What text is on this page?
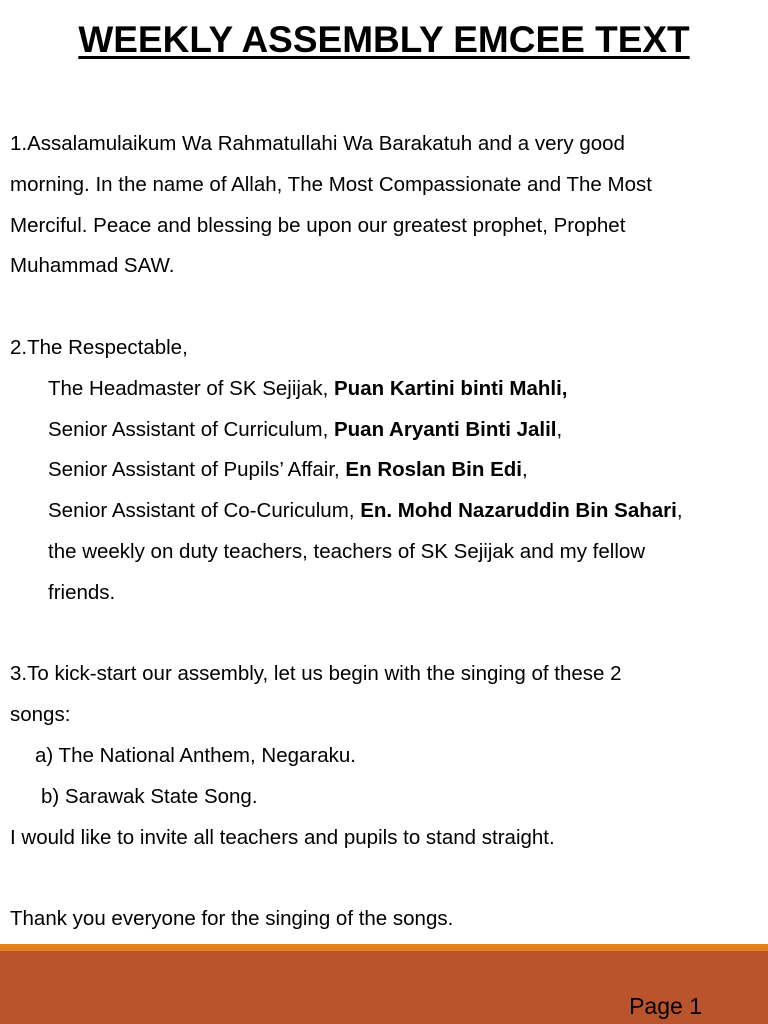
WEEKLY ASSEMBLY EMCEE TEXT
1.Assalamulaikum Wa Rahmatullahi Wa Barakatuh and a very good
morning. In the name of Allah, The Most Compassionate and The Most
Merciful. Peace and blessing be upon our greatest prophet, Prophet
Muhammad SAW.
2.The Respectable,
The Headmaster of SK Sejijak, Puan Kartini binti Mahli,
Senior Assistant of Curriculum, Puan Aryanti Binti Jalil,
Senior Assistant of Pupils’ Affair, En Roslan Bin Edi,
Senior Assistant of Co-Curiculum, En. Mohd Nazaruddin Bin Sahari,
the weekly on duty teachers, teachers of SK Sejijak and my fellow
friends.
3.To kick-start our assembly, let us begin with the singing of these 2
songs:
a) The National Anthem, Negaraku.
b) Sarawak State Song.
I would like to invite all teachers and pupils to stand straight.
Thank you everyone for the singing of the songs.
Page 1
